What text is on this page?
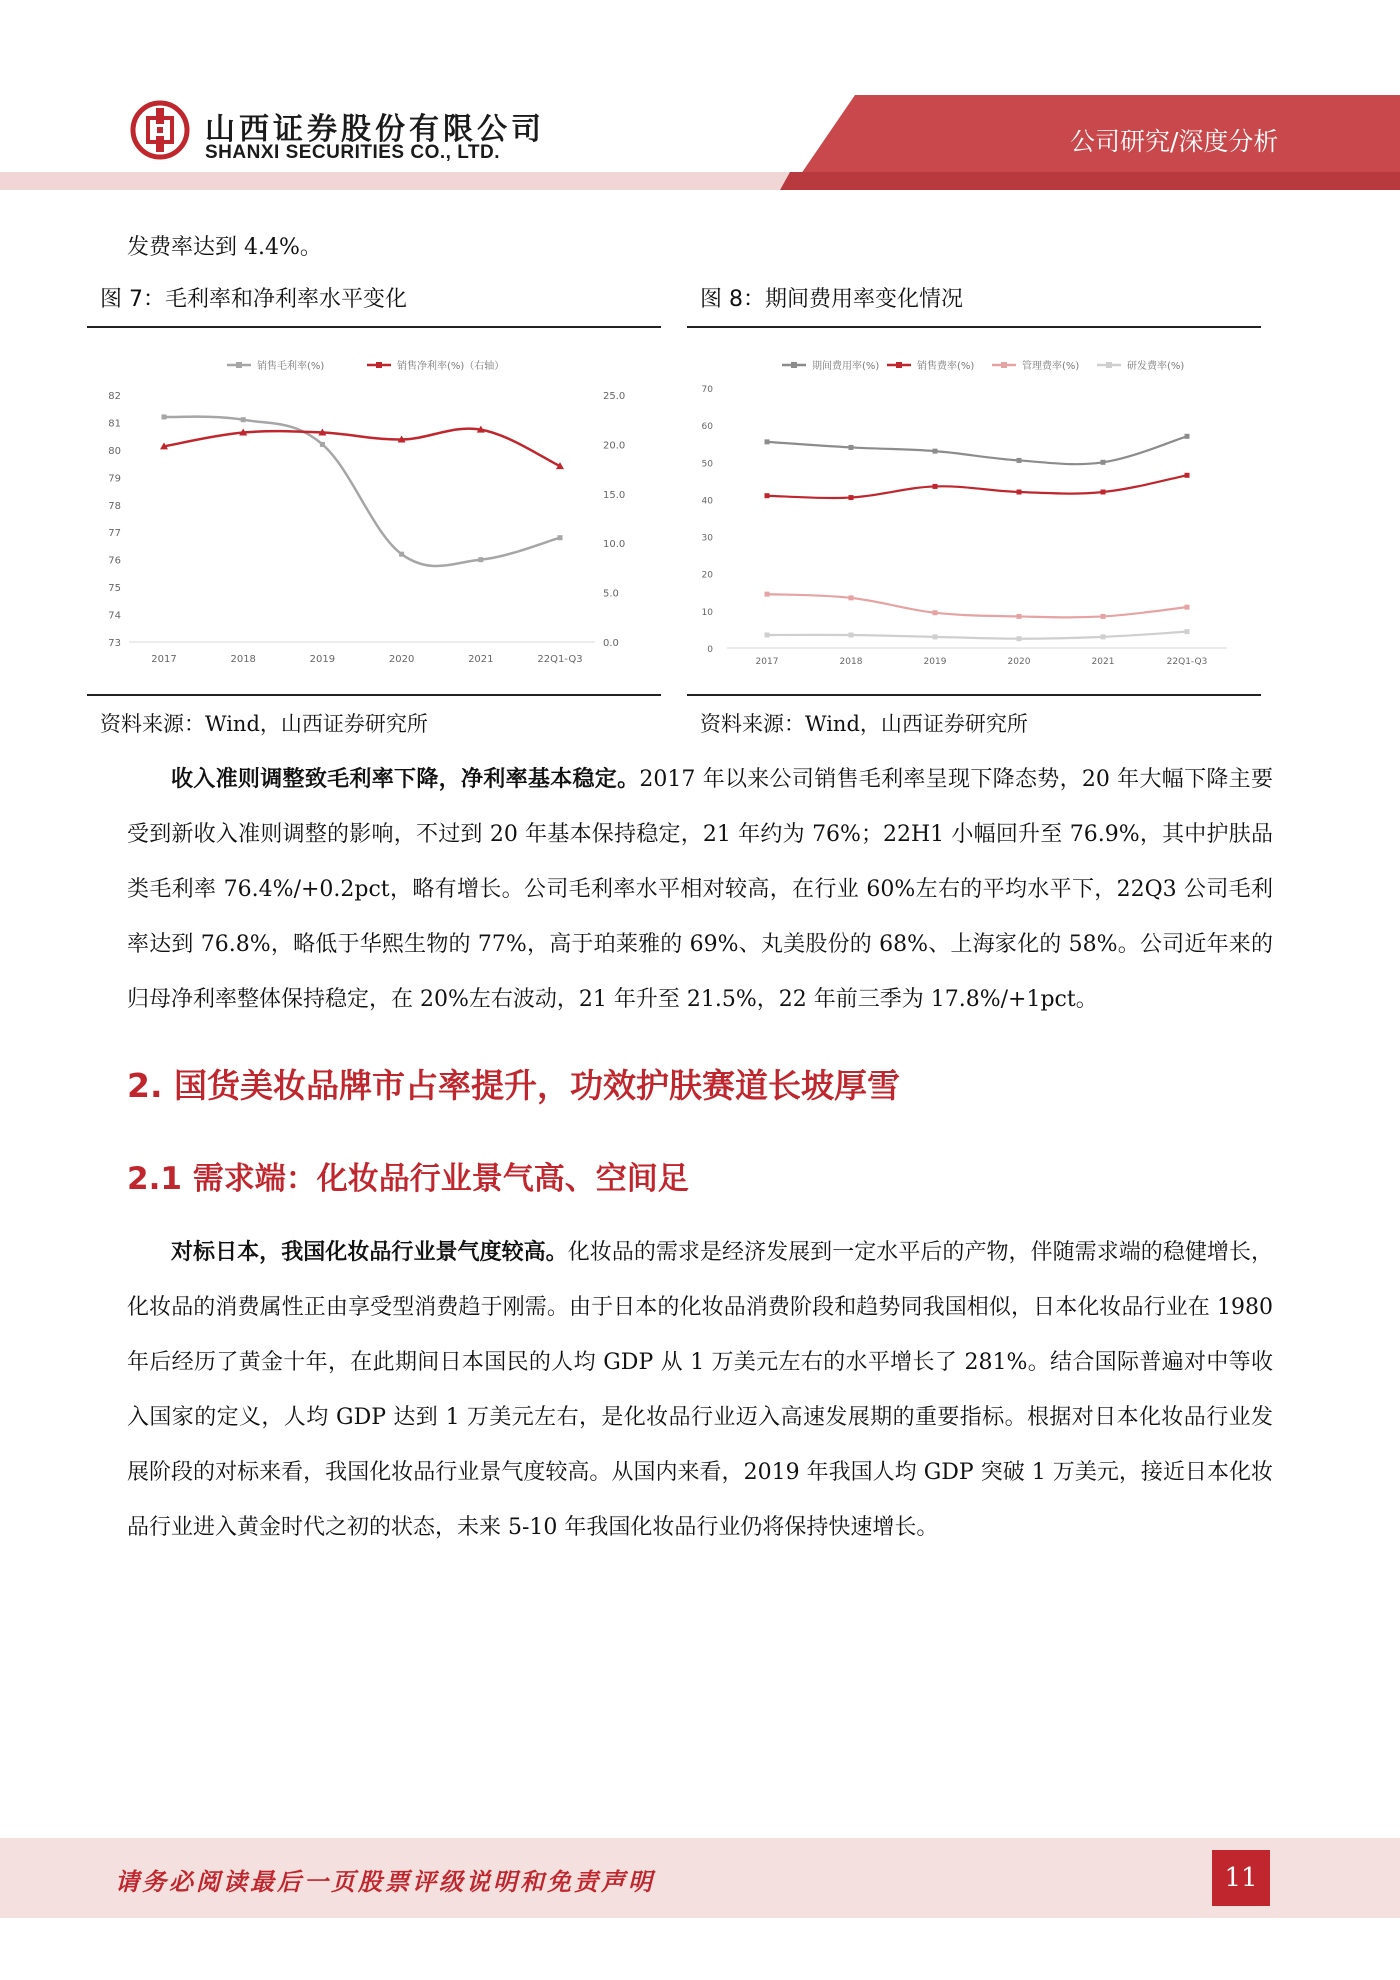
山西证券股份有限公司
SHANXI SECURITIES CO., LTD.	公司研究/深度分析
发费率达到 4.4%。
图 7：毛利率和净利率水平变化
82
81
80
79
78
77
76
75
74
73
25.0
20.0
15.0
10.0
5.0
0.0
2017	2018	2019	2020	2021	22Q1-Q3
销售毛利率(%)	销售净利率(%)（右轴）
资料来源：Wind，山西证券研究所
图 8：期间费用率变化情况
70
60
50
40
30
20
10
0
2017	2018	2019	2020	2021	22Q1-Q3
期间费用率(%)	销售费率(%)	管理费率(%)	研发费率(%)
资料来源：Wind，山西证券研究所
收入准则调整致毛利率下降，净利率基本稳定。2017 年以来公司销售毛利率呈现下降态势，20 年大幅下降主要受到新收入准则调整的影响，不过到 20 年基本保持稳定，21 年约为 76%；22H1 小幅回升至 76.9%，其中护肤品类毛利率 76.4%/+0.2pct，略有增长。公司毛利率水平相对较高，在行业 60%左右的平均水平下，22Q3 公司毛利率达到 76.8%，略低于华熙生物的 77%，高于珀莱雅的 69%、丸美股份的 68%、上海家化的 58%。公司近年来的归母净利率整体保持稳定，在 20%左右波动，21 年升至 21.5%，22 年前三季为 17.8%/+1pct。
2. 国货美妆品牌市占率提升，功效护肤赛道长坡厚雪
2.1 需求端：化妆品行业景气高、空间足
对标日本，我国化妆品行业景气度较高。化妆品的需求是经济发展到一定水平后的产物，伴随需求端的稳健增长，化妆品的消费属性正由享受型消费趋于刚需。由于日本的化妆品消费阶段和趋势同我国相似，日本化妆品行业在 1980 年后经历了黄金十年，在此期间日本国民的人均 GDP 从 1 万美元左右的水平增长了 281%。结合国际普遍对中等收入国家的定义，人均 GDP 达到 1 万美元左右，是化妆品行业迈入高速发展期的重要指标。根据对日本化妆品行业发展阶段的对标来看，我国化妆品行业景气度较高。从国内来看，2019 年我国人均 GDP 突破 1 万美元，接近日本化妆品行业进入黄金时代之初的状态，未来 5-10 年我国化妆品行业仍将保持快速增长。
请务必阅读最后一页股票评级说明和免责声明	11
